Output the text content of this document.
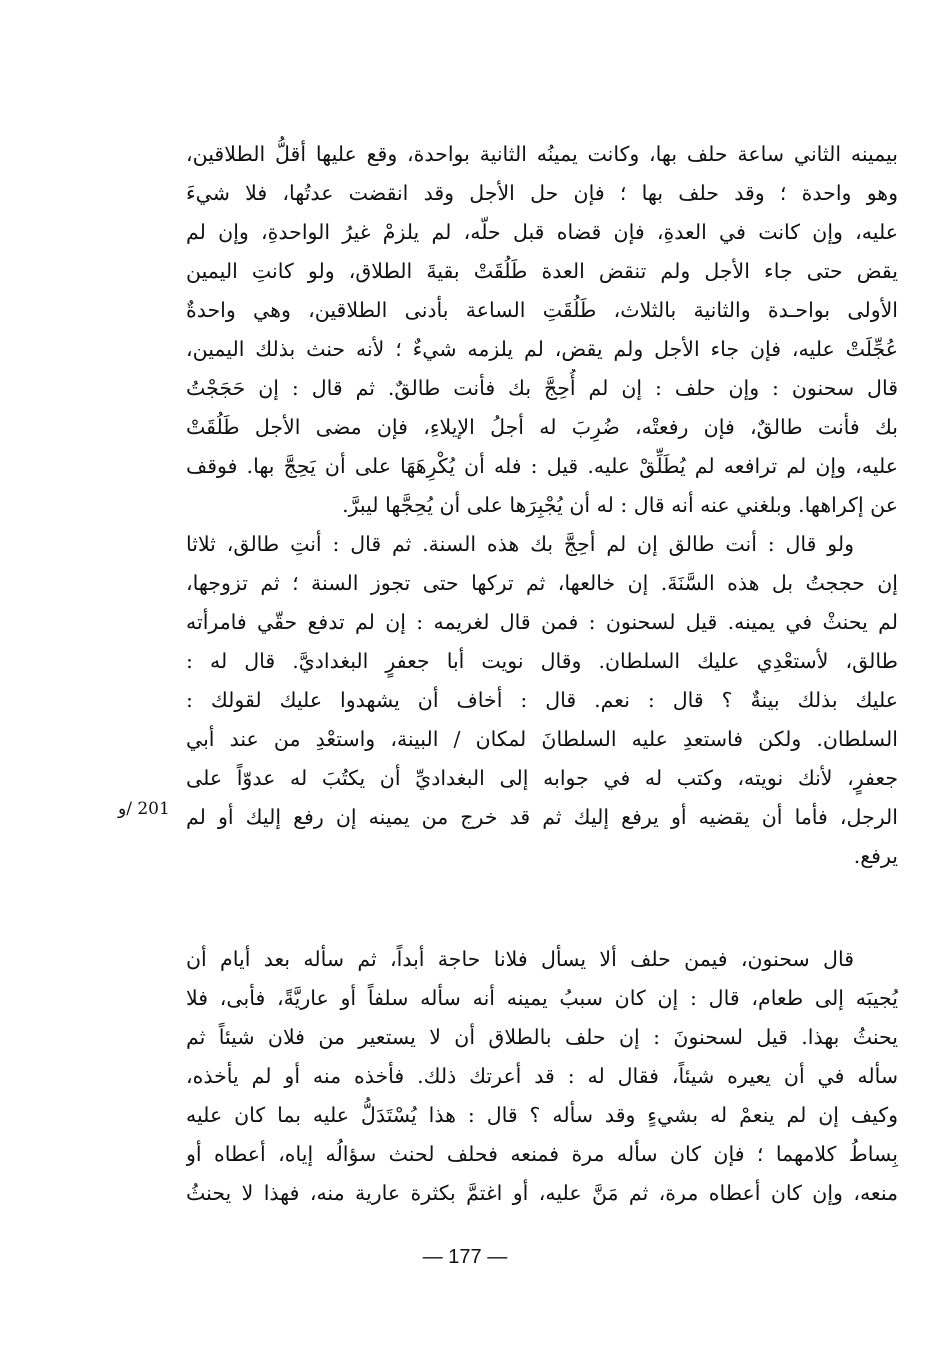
بيمينه الثاني ساعة حلف بها، وكانت يمينُه الثانية بواحدة، وقع عليها أقلُّ الطلاقين،
وهو واحدة ؛ وقد حلف بها ؛ فإن حل الأجل وقد انقضت عدتُها، فلا شيءَ
عليه، وإن كانت في العدةِ، فإن قضاه قبل حلّه، لم يلزمْ غيرُ الواحدةِ، وإن لم
يقض حتى جاء الأجل ولم تنقض العدة طَلُقَتْ بقيةَ الطلاق، ولو كانتِ اليمين
الأولى بواحـدة والثانية بالثلاث، طَلُقَتِ الساعة بأدنى الطلاقين، وهي واحدةٌ
عُجِّلَتْ عليه، فإن جاء الأجل ولم يقض، لم يلزمه شيءٌ ؛ لأنه حنث بذلك اليمين،
قال سحنون : وإن حلف : إن لم أُحِجَّ بك فأنت طالقٌ. ثم قال : إن حَجَجْتُ
بك فأنت طالقٌ، فإن رفعتْه، ضُرِبَ له أجلُ الإيلاءِ، فإن مضى الأجل طَلُقَتْ
عليه، وإن لم ترافعه لم يُطَلِّقْ عليه. قيل : فله أن يُكْرِهَهَا على أن يَحِجَّ بها. فوقف
عن إكراهها. وبلغني عنه أنه قال : له أن يُجْبِرَها على أن يُحِجَّها ليبرَّ.
ولو قال : أنت طالق إن لم أحِجَّ بك هذه السنة. ثم قال : أنتِ طالق، ثلاثا
إن حججتُ بل هذه السَّنَةَ. إن خالعها، ثم تركها حتى تجوز السنة ؛ ثم تزوجها،
لم يحنثْ في يمينه. قيل لسحنون : فمن قال لغريمه : إن لم تدفع حقّي فامرأته
طالق، لأستعْدِي عليك السلطان. وقال نويت أبا جعفرٍ البغداديَّ. قال له :
عليك بذلك بينةٌ ؟ قال : نعم. قال : أخاف أن يشهدوا عليك لقولك :
السلطان. ولكن فاستعدِ عليه السلطانَ لمكان / البينة، واستعْدِ من عند أبي
جعفرٍ، لأنك نويته، وكتب له في جوابه إلى البغداديِّ أن يكتُبَ له عدوّاً على
الرجل، فأما أن يقضيه أو يرفع إليك ثم قد خرج من يمينه إن رفع إليك أو لم
يرفع.
201 /و
قال سحنون، فيمن حلف ألا يسأل فلانا حاجة أبداً، ثم سأله بعد أيام أن
يُجيبَه إلى طعام، قال : إن كان سببُ يمينه أنه سأله سلفاً أو عاريَّةً، فأبى، فلا
يحنثُ بهذا. قيل لسحنونَ : إن حلف بالطلاق أن لا يستعير من فلان شيئاً ثم
سأله في أن يعيره شيئاً، فقال له : قد أعرتك ذلك. فأخذه منه أو لم يأخذه،
وكيف إن لم ينعمْ له بشيءٍ وقد سأله ؟ قال : هذا يُسْتَدَلُّ عليه بما كان عليه
بِساطُ كلامهما ؛ فإن كان سأله مرة فمنعه فحلف لحنث سؤالُه إياه، أعطاه أو
منعه، وإن كان أعطاه مرة، ثم مَنَّ عليه، أو اغتمَّ بكثرة عارية منه، فهذا لا يحنثُ
— 177 —
